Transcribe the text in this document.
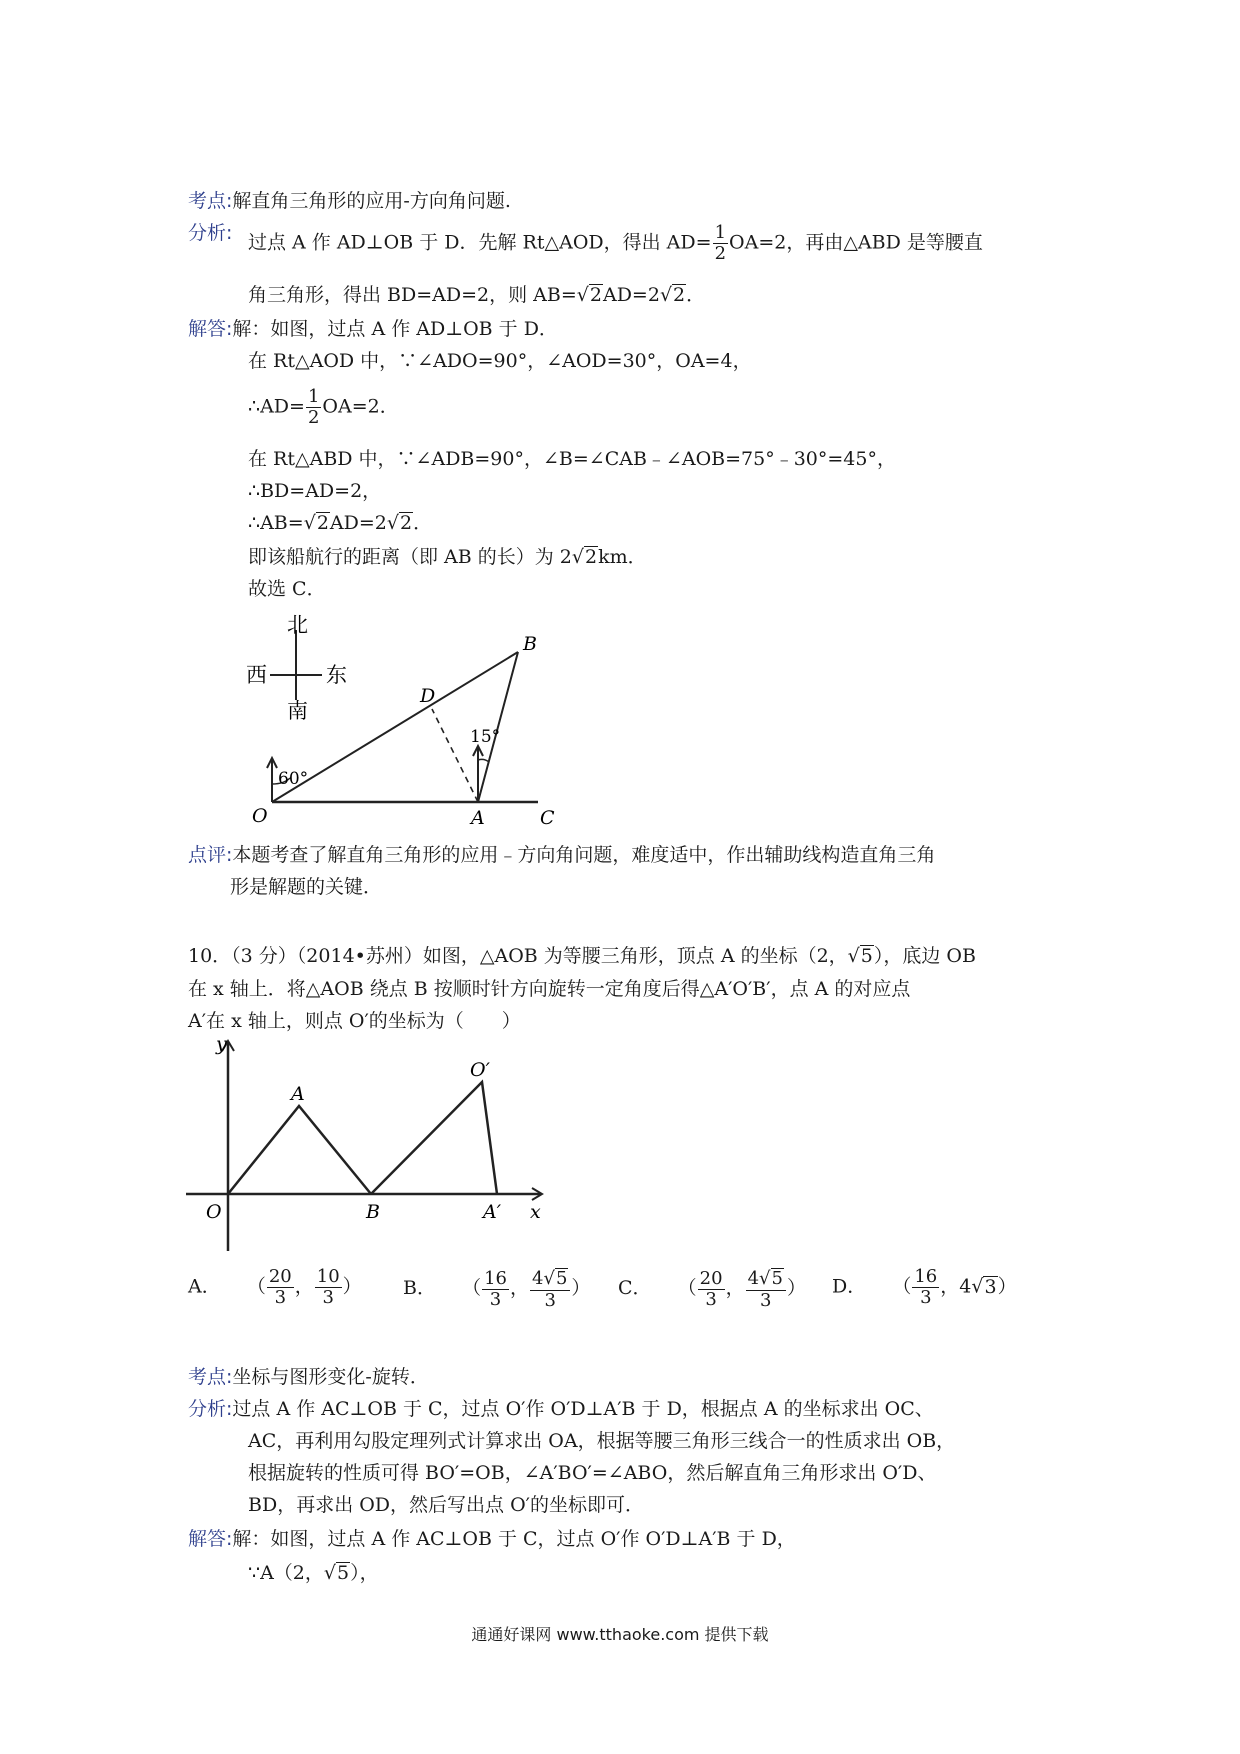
考点:解直角三角形的应用-方向角问题.
分析: 过点 A 作 AD⊥OB 于 D．先解 Rt△AOD，得出 $AD= \frac{1}{2} OA=2$，再由△ABD 是等腰直
角三角形，得出 BD=AD=2，则 AB=√2AD=2√2．
解答:解：如图，过点 A 作 AD⊥OB 于 D．
在 Rt△AOD 中，∵∠ADO=90°，∠AOD=30°，OA=4，
∴AD= $\frac{1}{2} OA=2$．
在 Rt△ABD 中，∵∠ADB=90°，∠B=∠CAB﹣∠AOB=75°﹣30°=45°，
∴BD=AD=2，
∴AB=√2AD=2√2．
即该船航行的距离（即 AB 的长）为 2√2km．
故选 C．
北
南
西	东
O	A
B
C
D
60°
15°
点评:本题考查了解直角三角形的应用﹣方向角问题，难度适中，作出辅助线构造直角三角
形是解题的关键．
10．（3 分）（2014•苏州）如图，△AOB 为等腰三角形，顶点 A 的坐标（2，√5），底边 OB
在 x 轴上．将△AOB 绕点 B 按顺时针方向旋转一定角度后得△A′O′B′，点 A 的对应点
A′在 x 轴上，则点 O′的坐标为（　　）
y
x
O
A
B
O′
A′
A． （ $\frac{20}{3}$ ， $\frac{10}{3}$ ） B． （ $\frac{16}{3}$ ， $\frac{4√5}{3}$ ） C． （ $\frac{20}{3}$ ， $\frac{4√5}{3}$ ） D． （ $\frac{16}{3}$ ，4√3）
考点:坐标与图形变化-旋转．
分析:过点 A 作 AC⊥OB 于 C，过点 O′作 O′D⊥A′B 于 D，根据点 A 的坐标求出 OC、
AC，再利用勾股定理列式计算求出 OA，根据等腰三角形三线合一的性质求出 OB，
根据旋转的性质可得 BO′=OB，∠A′BO′=∠ABO，然后解直角三角形求出 O′D、
BD，再求出 OD，然后写出点 O′的坐标即可．
解答:解：如图，过点 A 作 AC⊥OB 于 C，过点 O′作 O′D⊥A′B 于 D，
∵A（2，√5），
通通好课网 www.tthaoke.com 提供下载
